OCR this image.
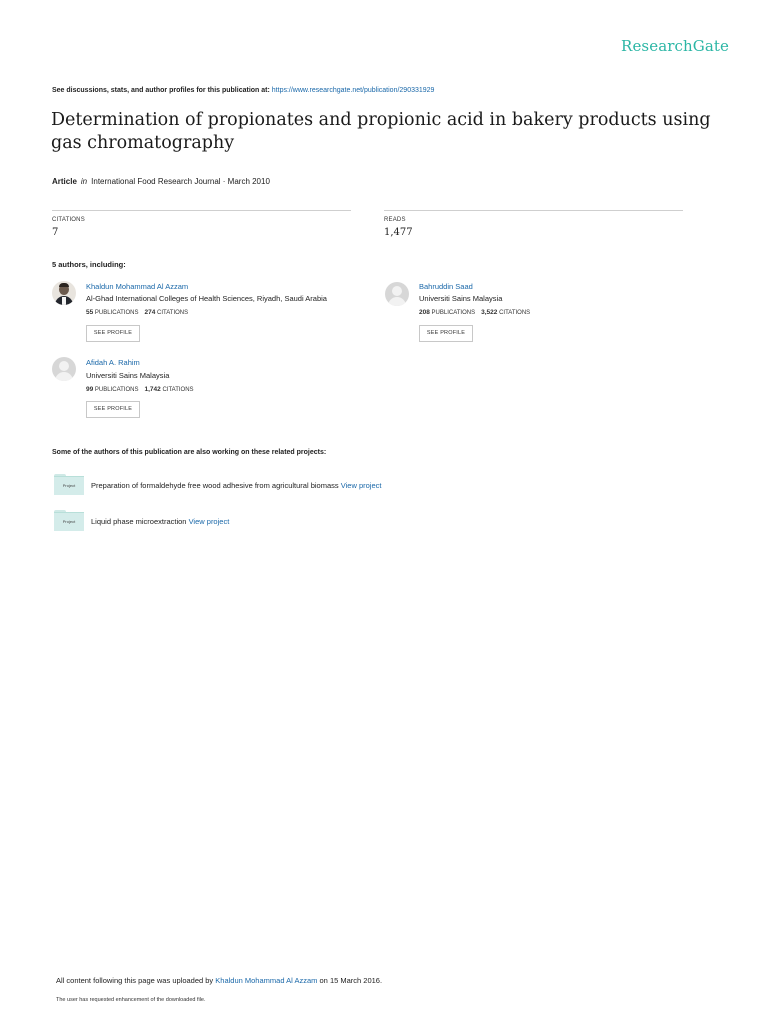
ResearchGate
See discussions, stats, and author profiles for this publication at: https://www.researchgate.net/publication/290331929
Determination of propionates and propionic acid in bakery products using gas chromatography
Article in International Food Research Journal · March 2010
CITATIONS
7
READS
1,477
5 authors, including:
Khaldun Mohammad Al Azzam
Al-Ghad International Colleges of Health Sciences, Riyadh, Saudi Arabia
55 PUBLICATIONS 274 CITATIONS
SEE PROFILE
Bahruddin Saad
Universiti Sains Malaysia
208 PUBLICATIONS 3,522 CITATIONS
SEE PROFILE
Afidah A. Rahim
Universiti Sains Malaysia
99 PUBLICATIONS 1,742 CITATIONS
SEE PROFILE
Some of the authors of this publication are also working on these related projects:
Project	Preparation of formaldehyde free wood adhesive from agricultural biomass View project
Project	Liquid phase microextraction View project
All content following this page was uploaded by Khaldun Mohammad Al Azzam on 15 March 2016.
The user has requested enhancement of the downloaded file.
